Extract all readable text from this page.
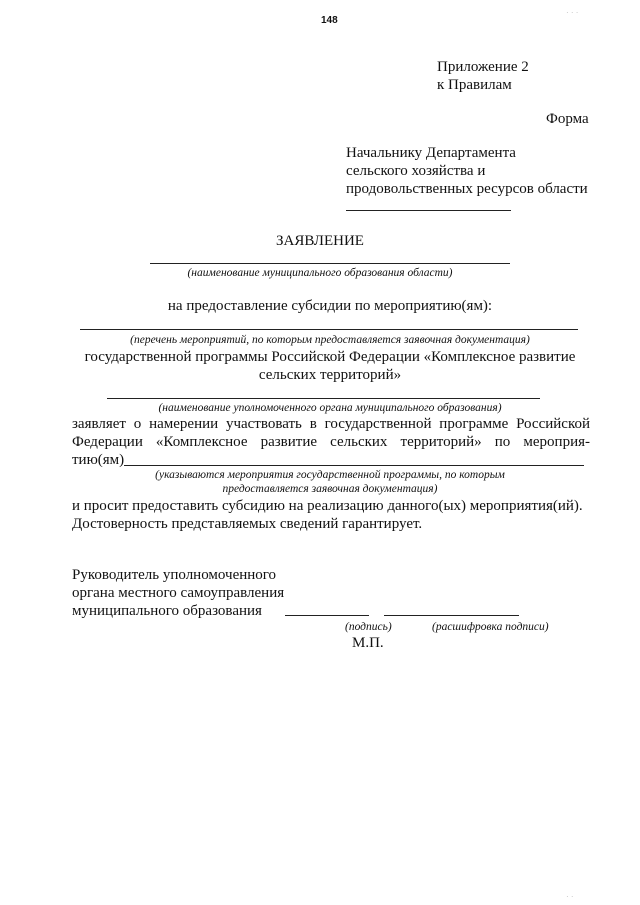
148
Приложение 2
к Правилам
Форма
Начальнику Департамента
сельского хозяйства и
продовольственных ресурсов области
ЗАЯВЛЕНИЕ
(наименование муниципального образования области)
на предоставление субсидии по мероприятию(ям):
(перечень мероприятий, по которым предоставляется заявочная документация)
государственной программы Российской Федерации «Комплексное развитие
сельских территорий»
(наименование уполномоченного органа муниципального образования)
заявляет о намерении участвовать в государственной программе Российской
Федерации «Комплексное развитие сельских территорий» по мероприя-
тию(ям)
(указываются мероприятия государственной программы, по которым
предоставляется заявочная документация)
и просит предоставить субсидию на реализацию данного(ых) мероприятия(ий).
Достоверность представляемых сведений гарантирует.
Руководитель уполномоченного
органа местного самоуправления
муниципального образования
(подпись)	(расшифровка подписи)
М.П.
· · ·
· ·
